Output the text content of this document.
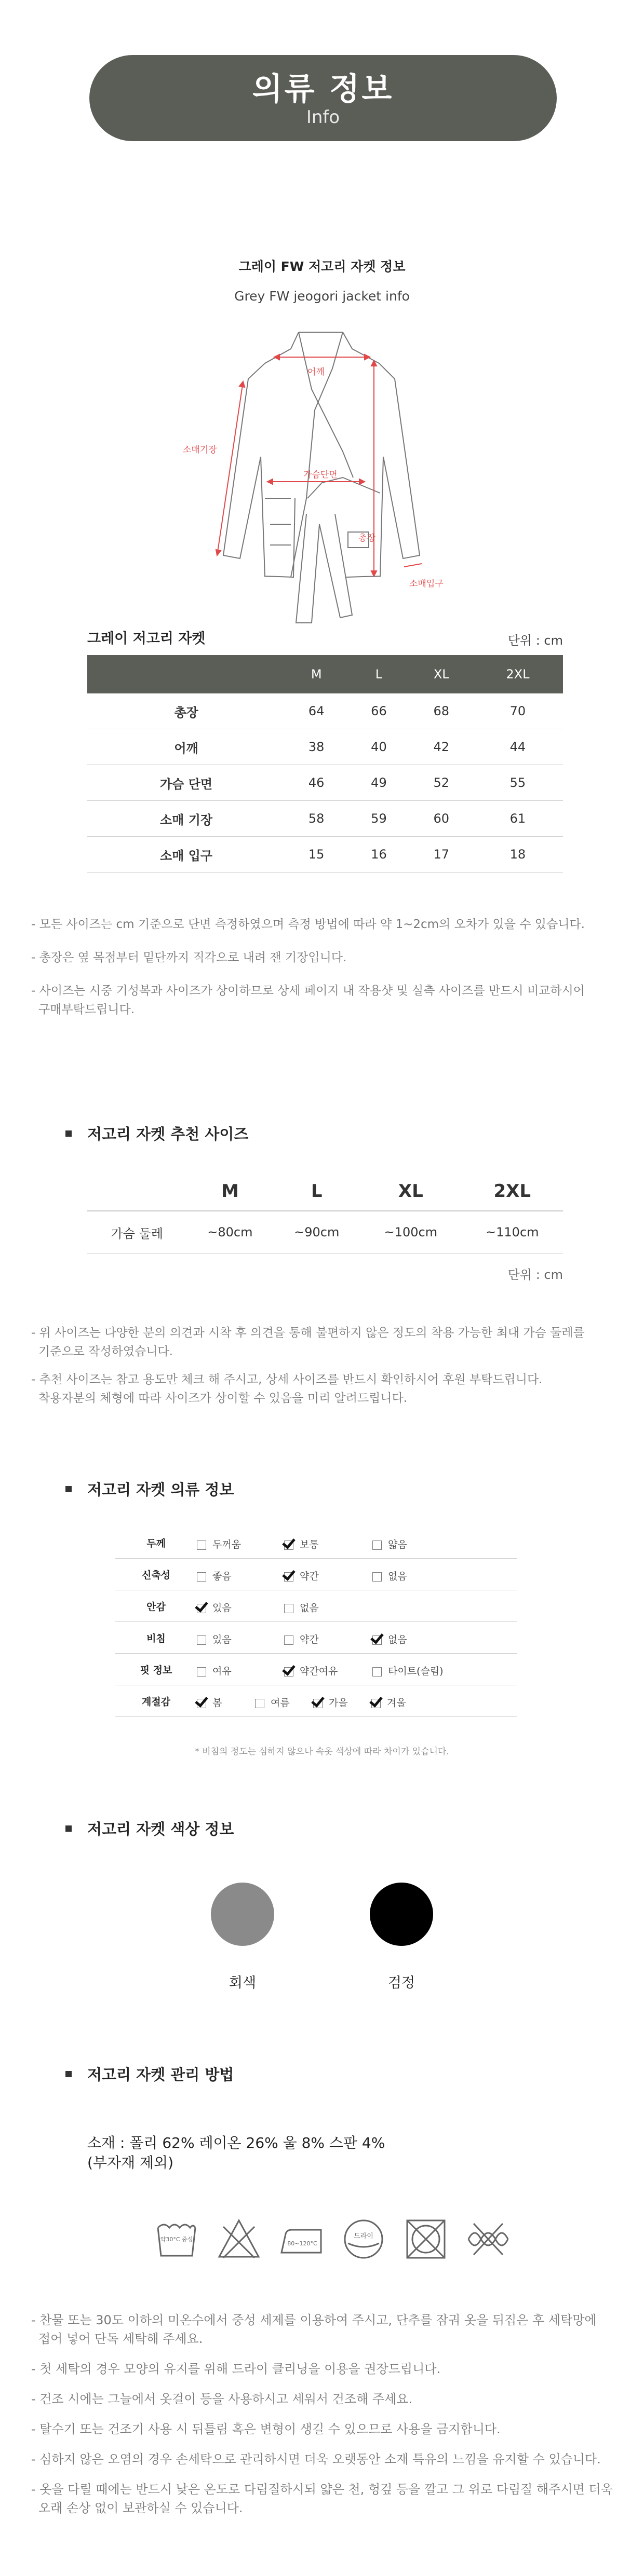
의류 정보
Info
그레이 FW 저고리 자켓 정보
Grey FW jeogori jacket info
어깨
소매기장
가슴단면
총장
소매입구
그레이 저고리 자켓	단위 : cm
	M	L	XL	2XL
총장	64	66	68	70
어깨	38	40	42	44
가슴 단면	46	49	52	55
소매 기장	58	59	60	61
소매 입구	15	16	17	18
- 모든 사이즈는 cm 기준으로 단면 측정하였으며 측정 방법에 따라 약 1~2cm의 오차가 있을 수 있습니다.
- 총장은 옆 목점부터 밑단까지 직각으로 내려 잰 기장입니다.
- 사이즈는 시중 기성복과 사이즈가 상이하므로 상세 페이지 내 작용샷 및 실측 사이즈를 반드시 비교하시어
구매부탁드립니다.
저고리 자켓 추천 사이즈
	M	L	XL	2XL
가슴 둘레	~80cm	~90cm	~100cm	~110cm
단위 : cm
- 위 사이즈는 다양한 분의 의견과 시착 후 의견을 통해 불편하지 않은 정도의 착용 가능한 최대 가슴 둘레를
기준으로 작성하였습니다.
- 추천 사이즈는 참고 용도만 체크 해 주시고, 상세 사이즈를 반드시 확인하시어 후원 부탁드립니다.
착용자분의 체형에 따라 사이즈가 상이할 수 있음을 미리 알려드립니다.
저고리 자켓 의류 정보
두께	두꺼움 보통 얇음

신축성	좋음 약간 없음

안감	있음 없음

비침	있음 약간 없음

핏 정보	여유 약간여유 타이트(슬림)

계절감	봄 여름 가을 겨울
* 비침의 정도는 심하지 않으나 속옷 색상에 따라 차이가 있습니다.
저고리 자켓 색상 정보
회색	검정
저고리 자켓 관리 방법
소재 : 폴리 62% 레이온 26% 울 8% 스판 4%
(부자재 제외)
약30°C 중성
80~120°C
드라이
- 찬물 또는 30도 이하의 미온수에서 중성 세제를 이용하여 주시고, 단추를 잠궈 옷을 뒤집은 후 세탁망에
접어 넣어 단독 세탁해 주세요.
- 첫 세탁의 경우 모양의 유지를 위해 드라이 클리닝을 이용을 권장드립니다.
- 건조 시에는 그늘에서 옷걸이 등을 사용하시고 세워서 건조해 주세요.
- 탈수기 또는 건조기 사용 시 뒤틀림 혹은 변형이 생길 수 있으므로 사용을 금지합니다.
- 심하지 않은 오염의 경우 손세탁으로 관리하시면 더욱 오랫동안 소재 특유의 느낌을 유지할 수 있습니다.
- 옷을 다릴 때에는 반드시 낮은 온도로 다림질하시되 얇은 천, 헝겊 등을 깔고 그 위로 다림질 해주시면 더욱
오래 손상 없이 보관하실 수 있습니다.
